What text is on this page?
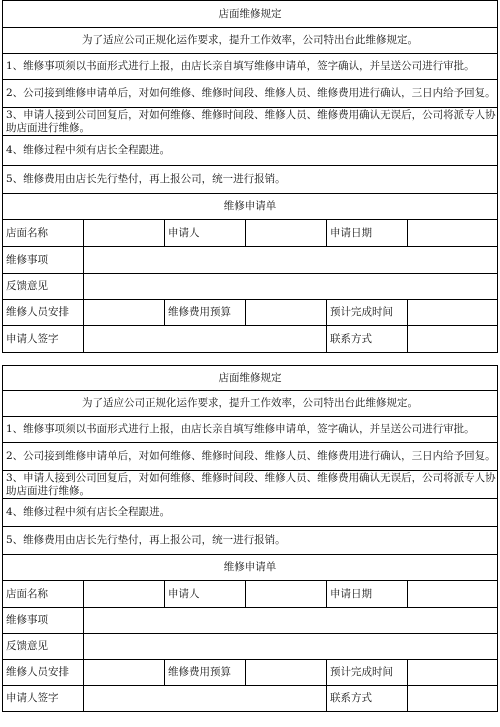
店面维修规定
为了适应公司正规化运作要求，提升工作效率，公司特出台此维修规定。
1、维修事项须以书面形式进行上报，由店长亲自填写维修申请单，签字确认，并呈送公司进行审批。
2、公司接到维修申请单后，对如何维修、维修时间段、维修人员、维修费用进行确认，三日内给予回复。
3、申请人接到公司回复后，对如何维修、维修时间段、维修人员、维修费用确认无误后，公司将派专人协助店面进行维修。
4、维修过程中须有店长全程跟进。
5、维修费用由店长先行垫付，再上报公司，统一进行报销。
维修申请单
店面名称	申请人	申请日期
维修事项
反馈意见
维修人员安排	维修费用预算	预计完成时间
申请人签字	联系方式
店面维修规定
为了适应公司正规化运作要求，提升工作效率，公司特出台此维修规定。
1、维修事项须以书面形式进行上报，由店长亲自填写维修申请单，签字确认，并呈送公司进行审批。
2、公司接到维修申请单后，对如何维修、维修时间段、维修人员、维修费用进行确认，三日内给予回复。
3、申请人接到公司回复后，对如何维修、维修时间段、维修人员、维修费用确认无误后，公司将派专人协助店面进行维修。
4、维修过程中须有店长全程跟进。
5、维修费用由店长先行垫付，再上报公司，统一进行报销。
维修申请单
店面名称	申请人	申请日期
维修事项
反馈意见
维修人员安排	维修费用预算	预计完成时间
申请人签字	联系方式
